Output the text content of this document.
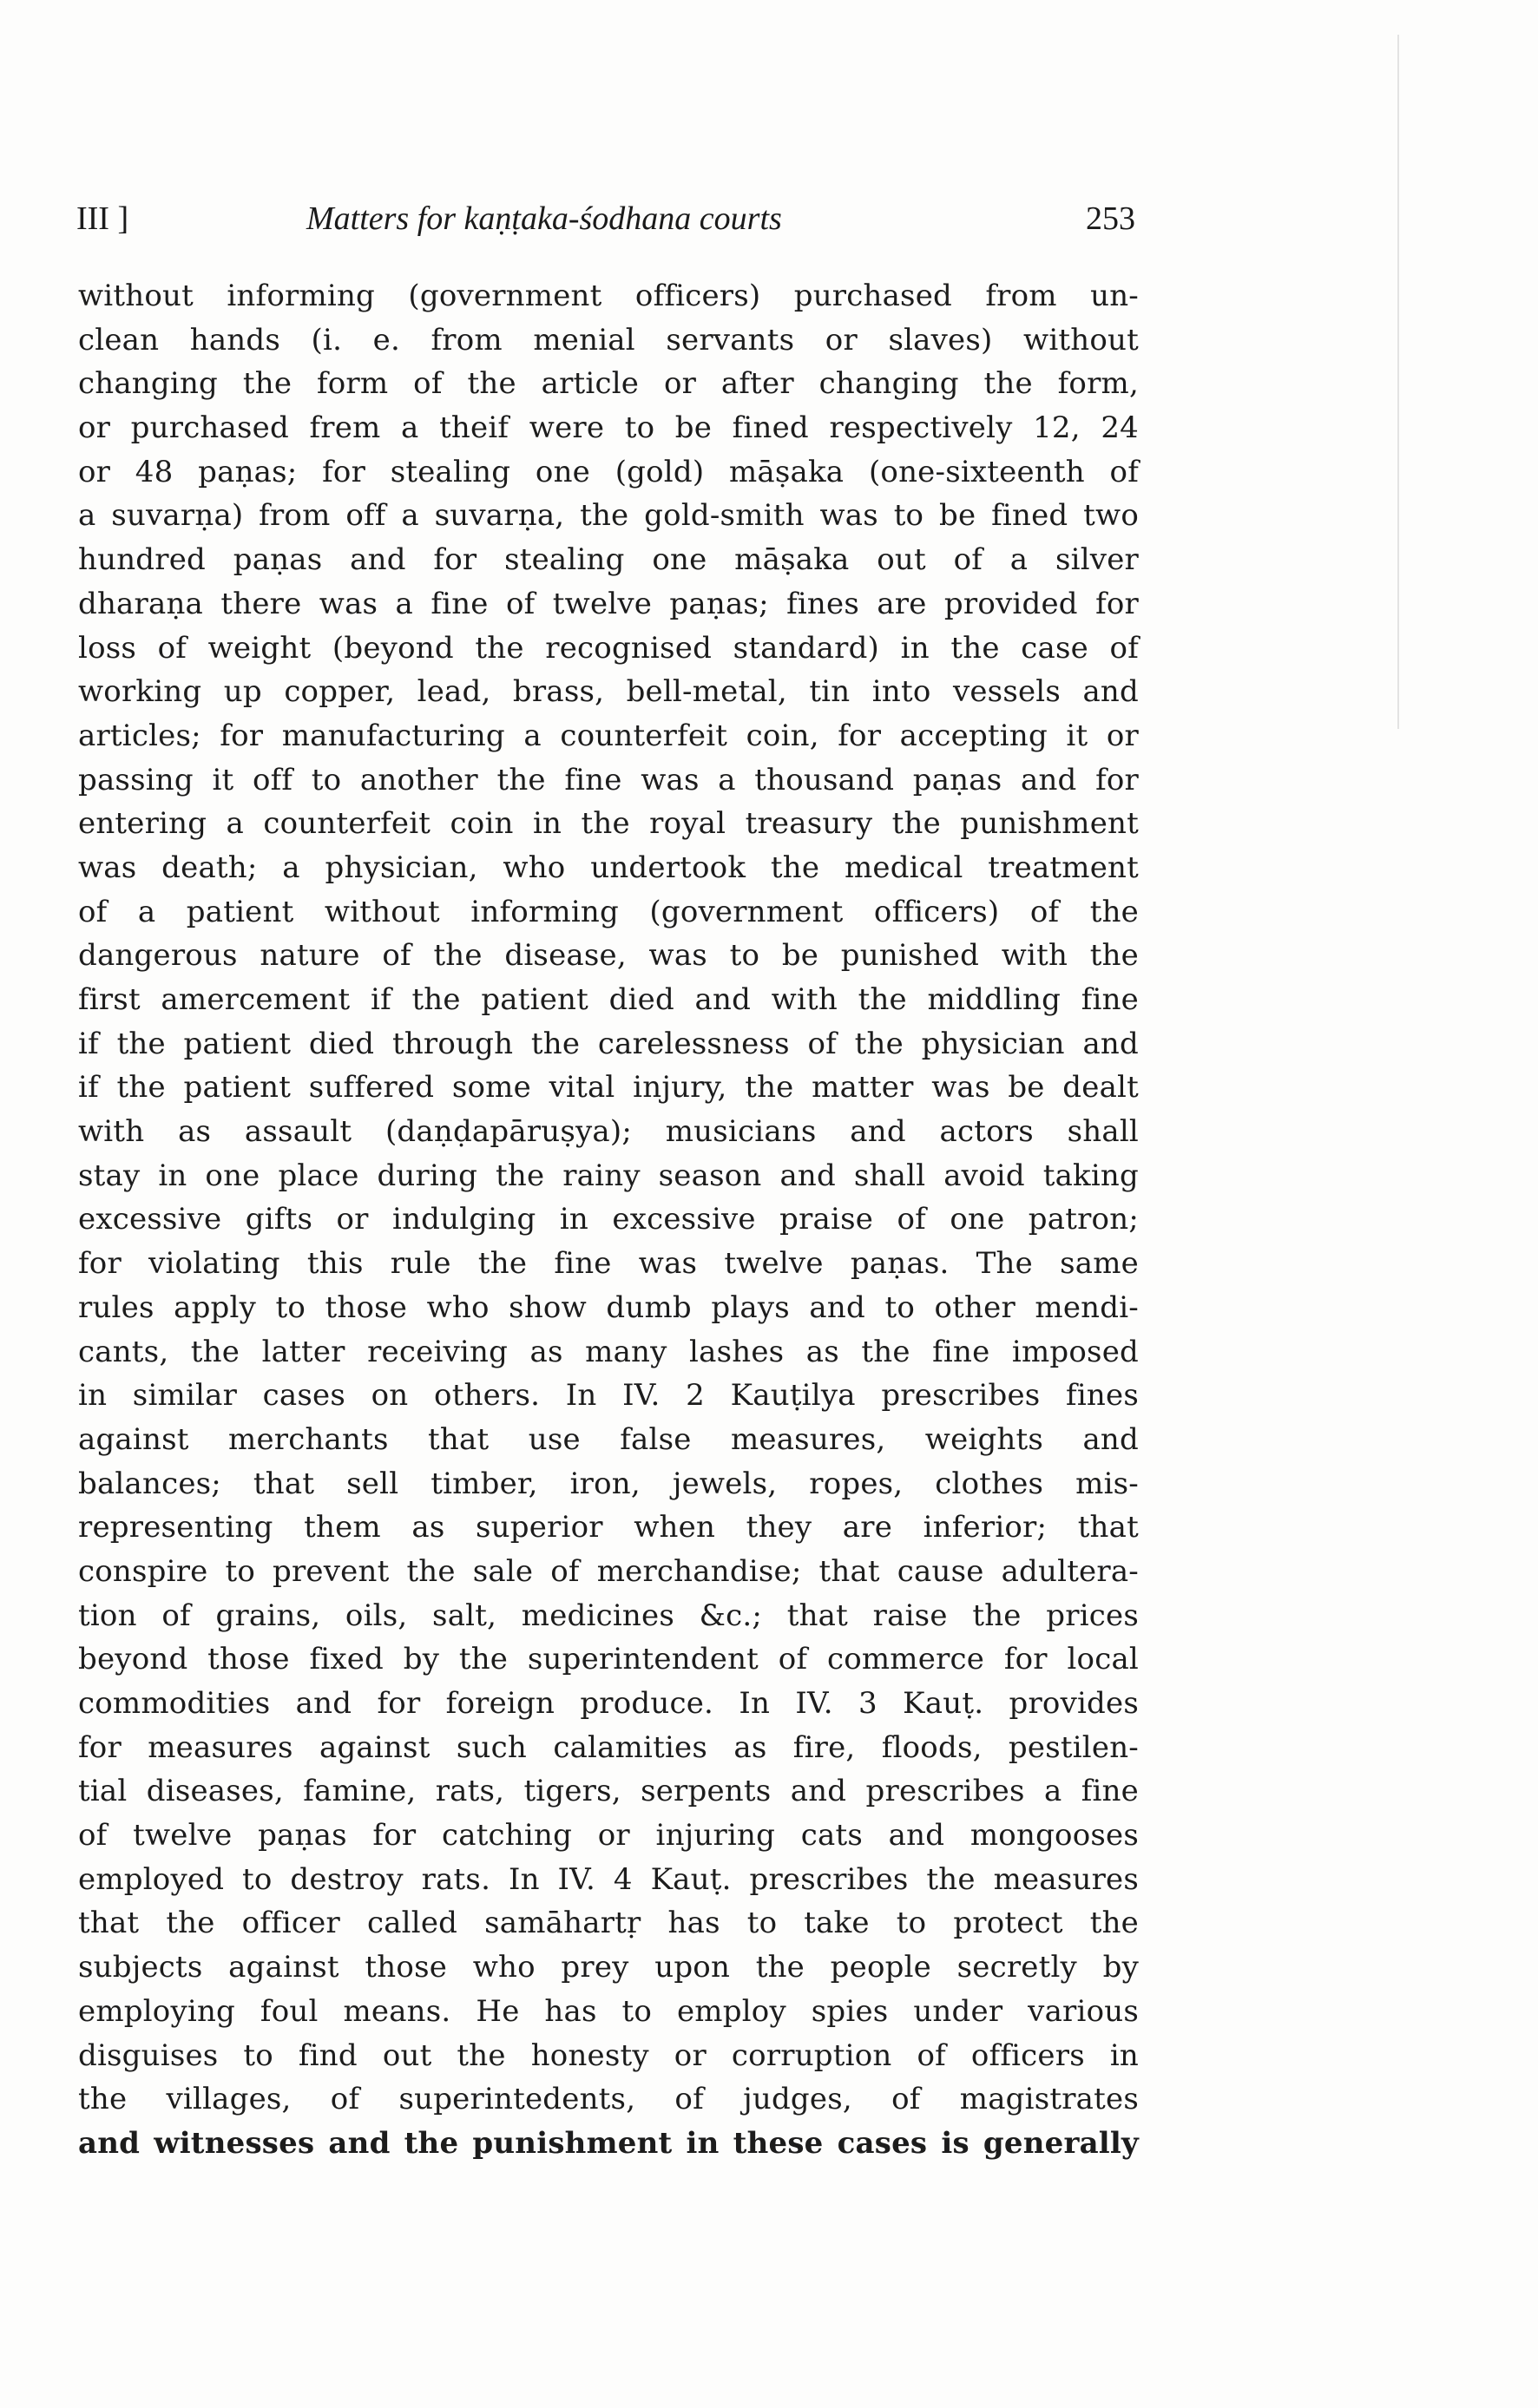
III ]	Matters for kaṇṭaka-śodhana courts	253
without informing (government officers) purchased from un-
clean hands (i. e. from menial servants or slaves) without
changing the form of the article or after changing the form,
or purchased frem a theif were to be fined respectively 12, 24
or 48 paṇas; for stealing one (gold) māṣaka (one-sixteenth of
a suvarṇa) from off a suvarṇa, the gold-smith was to be fined two
hundred paṇas and for stealing one māṣaka out of a silver
dharaṇa there was a fine of twelve paṇas; fines are provided for
loss of weight (beyond the recognised standard) in the case of
working up copper, lead, brass, bell-metal, tin into vessels and
articles; for manufacturing a counterfeit coin, for accepting it or
passing it off to another the fine was a thousand paṇas and for
entering a counterfeit coin in the royal treasury the punishment
was death; a physician, who undertook the medical treatment
of a patient without informing (government officers) of the
dangerous nature of the disease, was to be punished with the
first amercement if the patient died and with the middling fine
if the patient died through the carelessness of the physician and
if the patient suffered some vital injury, the matter was be dealt
with as assault (daṇḍapāruṣya); musicians and actors shall
stay in one place during the rainy season and shall avoid taking
excessive gifts or indulging in excessive praise of one patron;
for violating this rule the fine was twelve paṇas. The same
rules apply to those who show dumb plays and to other mendi-
cants, the latter receiving as many lashes as the fine imposed
in similar cases on others. In IV. 2 Kauṭilya prescribes fines
against merchants that use false measures, weights and
balances; that sell timber, iron, jewels, ropes, clothes mis-
representing them as superior when they are inferior; that
conspire to prevent the sale of merchandise; that cause adultera-
tion of grains, oils, salt, medicines &c.; that raise the prices
beyond those fixed by the superintendent of commerce for local
commodities and for foreign produce. In IV. 3 Kauṭ. provides
for measures against such calamities as fire, floods, pestilen-
tial diseases, famine, rats, tigers, serpents and prescribes a fine
of twelve paṇas for catching or injuring cats and mongooses
employed to destroy rats. In IV. 4 Kauṭ. prescribes the measures
that the officer called samāhartṛ has to take to protect the
subjects against those who prey upon the people secretly by
employing foul means. He has to employ spies under various
disguises to find out the honesty or corruption of officers in
the villages, of superintedents, of judges, of magistrates
and witnesses and the punishment in these cases is generally
